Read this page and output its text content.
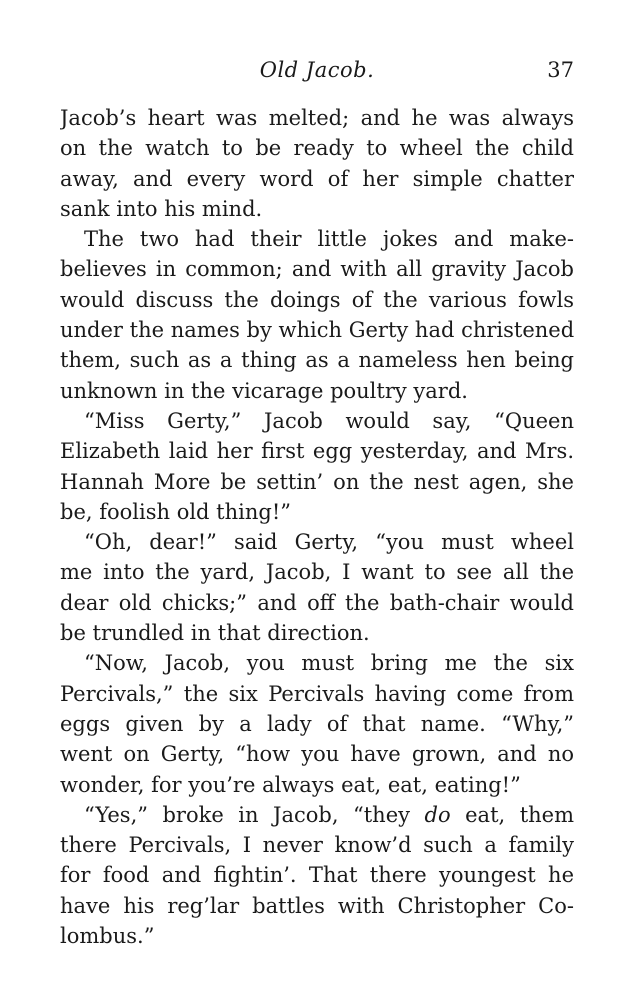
Old Jacob.	37
Jacob’s heart was melted; and he was always
on the watch to be ready to wheel the child
away, and every word of her simple chatter
sank into his mind.
The two had their little jokes and make-
believes in common; and with all gravity Jacob
would discuss the doings of the various fowls
under the names by which Gerty had christened
them, such as a thing as a nameless hen being
unknown in the vicarage poultry yard.
“Miss Gerty,” Jacob would say, “Queen
Elizabeth laid her first egg yesterday, and Mrs.
Hannah More be settin’ on the nest agen, she
be, foolish old thing!”
“Oh, dear!” said Gerty, “you must wheel
me into the yard, Jacob, I want to see all the
dear old chicks;” and off the bath-chair would
be trundled in that direction.
“Now, Jacob, you must bring me the six
Percivals,” the six Percivals having come from
eggs given by a lady of that name. “Why,”
went on Gerty, “how you have grown, and no
wonder, for you’re always eat, eat, eating!”
“Yes,” broke in Jacob, “they do eat, them
there Percivals, I never know’d such a family
for food and fightin’. That there youngest he
have his reg’lar battles with Christopher Co-
lombus.”
